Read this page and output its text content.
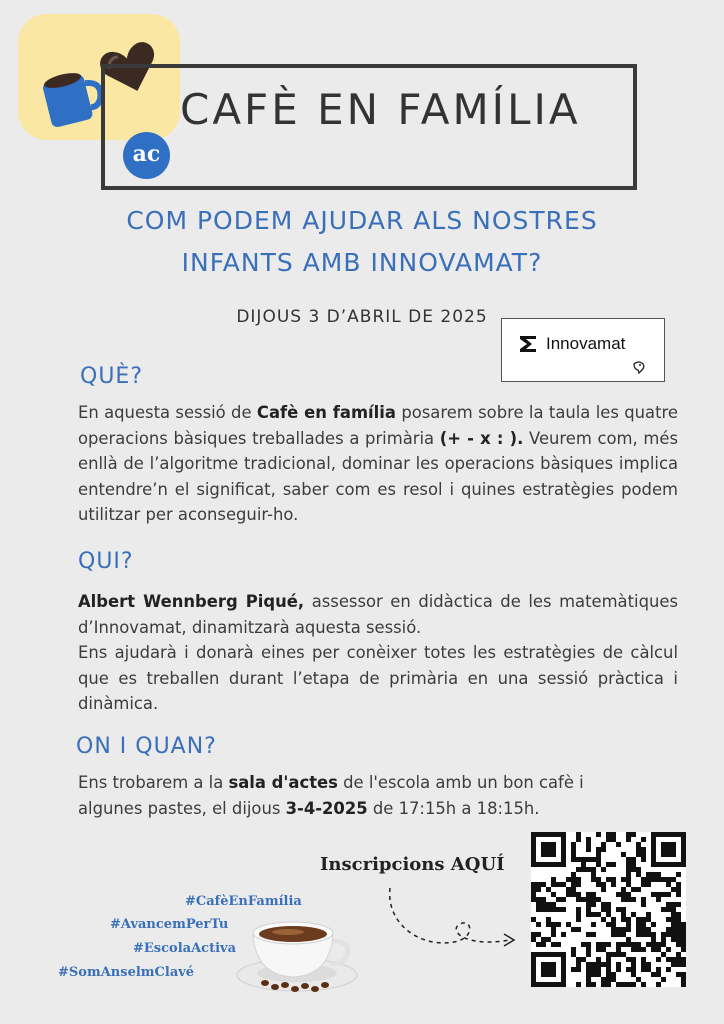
CAFÈ EN FAMÍLIA
ac
COM PODEM AJUDAR ALS NOSTRES
INFANTS AMB INNOVAMAT?
DIJOUS 3 D’ABRIL DE 2025
Innovamat
QUÈ?
En aquesta sessió de Cafè en família posarem sobre la taula les quatre operacions bàsiques treballades a primària (+ - x : ). Veurem com, més enllà de l’algoritme tradicional, dominar les operacions bàsiques implica entendre’n el significat, saber com es resol i quines estratègies podem utilitzar per aconseguir-ho.
QUI?
Albert Wennberg Piqué, assessor en didàctica de les matemàtiques d’Innovamat, dinamitzarà aquesta sessió.
Ens ajudarà i donarà eines per conèixer totes les estratègies de càlcul que es treballen durant l’etapa de primària en una sessió pràctica i dinàmica.
ON I QUAN?
Ens trobarem a la sala d'actes de l'escola amb un bon cafè i algunes pastes, el dijous 3-4-2025 de 17:15h a 18:15h.
Inscripcions AQUÍ
#CafèEnFamília
#AvancemPerTu
#EscolaActiva
#SomAnselmClavé
